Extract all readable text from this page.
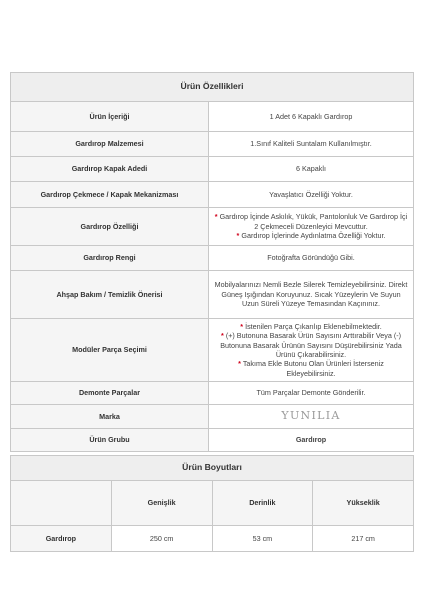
Ürün Özellikleri	
Ürün İçeriği	1 Adet 6 Kapaklı Gardırop
Gardırop Malzemesi	1.Sınıf Kaliteli Suntalam Kullanılmıştır.
Gardırop Kapak Adedi	6 Kapaklı
Gardırop Çekmece / Kapak Mekanizması	Yavaşlatıcı Özelliği Yoktur.
Gardırop Özelliği	* Gardırop İçinde Askılık, Yükük, Pantolonluk Ve Gardırop İçi 2 Çekmeceli Düzenleyici Mevcuttur.
* Gardırop İçlerinde Aydınlatma Özelliği Yoktur.

Gardırop Rengi	Fotoğrafta Göründüğü Gibi.
Ahşap Bakım / Temizlik Önerisi	Mobilyalarınızı Nemli Bezle Silerek Temizleyebilirsiniz. Direkt Güneş Işığından Koruyunuz. Sıcak Yüzeylerin Ve Suyun Uzun Süreli Yüzeye Temasından Kaçınınız.
Modüler Parça Seçimi	* İstenilen Parça Çıkarılıp Eklenebilmektedir.
* (+) Butonuna Basarak Ürün Sayısını Arttırabilir Veya (-) Butonuna Basarak Ürünün Sayısını Düşürebilirsiniz Yada Ürünü Çıkarabilirsiniz.
* Takıma Ekle Butonu Olan Ürünleri İsterseniz Ekleyebilirsiniz.

Demonte Parçalar	Tüm Parçalar Demonte Gönderilir.
Marka	YUNILIA
Ürün Grubu	Gardırop
Ürün Boyutları			
	Genişlik	Derinlik	Yükseklik
Gardırop	250 cm	53 cm	217 cm
